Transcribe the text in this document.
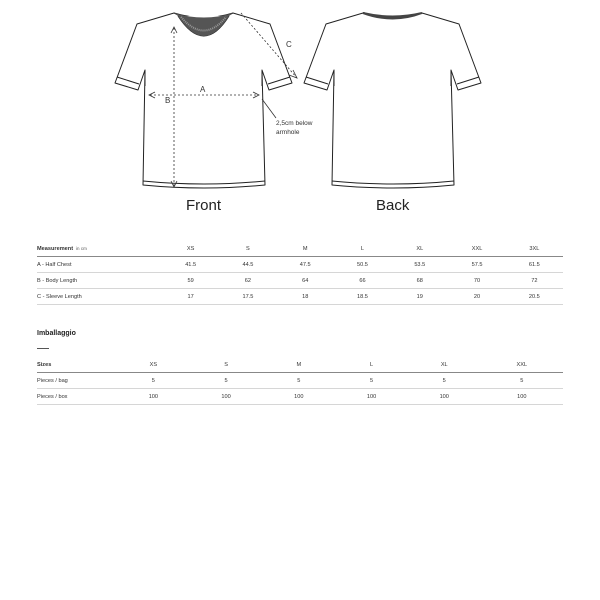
A
B
C
2,5cm below
armhole
Front	Back
Measurement in cm	XS	S	M	L	XL	XXL	3XL
A - Half Chest	41.5	44.5	47.5	50.5	53.5	57.5	61.5
B - Body Length	59	62	64	66	68	70	72
C - Sleeve Length	17	17.5	18	18.5	19	20	20.5
Imballaggio
Sizes	XS	S	M	L	XL	XXL
Pieces / bag	5	5	5	5	5	5
Pieces / box	100	100	100	100	100	100
